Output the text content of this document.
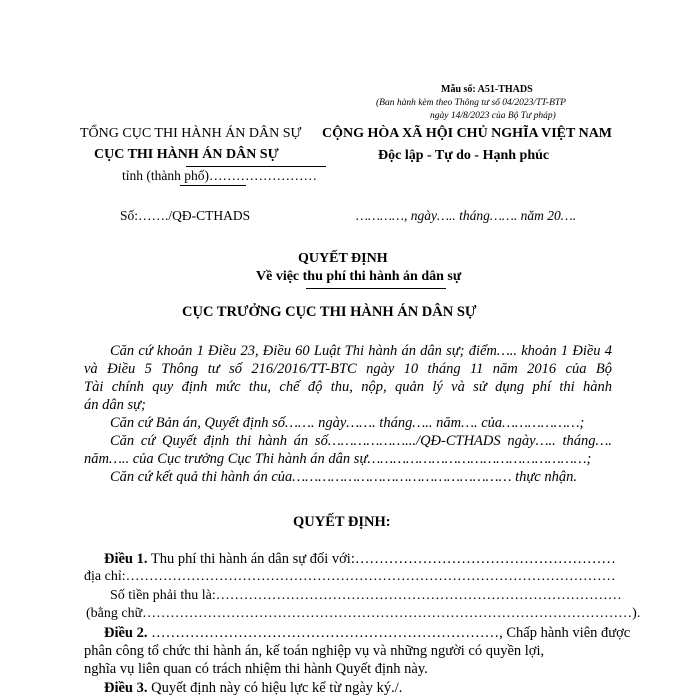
Mẫu số: A51-THADS
(Ban hành kèm theo Thông tư số 04/2023/TT-BTP
ngày 14/8/2023 của Bộ Tư pháp)
TỔNG CỤC THI HÀNH ÁN DÂN SỰ
CỤC THI HÀNH ÁN DÂN SỰ
tỉnh (thành phố)……………………
CỘNG HÒA XÃ HỘI CHỦ NGHĨA VIỆT NAM
Độc lập - Tự do - Hạnh phúc
Số:……./QĐ-CTHADS	…………, ngày….. tháng……. năm 20….
QUYẾT ĐỊNH
Về việc thu phí thi hành án dân sự
CỤC TRƯỞNG CỤC THI HÀNH ÁN DÂN SỰ
Căn cứ khoản 1 Điều 23, Điều 60 Luật Thi hành án dân sự; điểm….. khoản 1 Điều 4
và Điều 5 Thông tư số 216/2016/TT-BTC ngày 10 tháng 11 năm 2016 của Bộ
Tài chính quy định mức thu, chế độ thu, nộp, quản lý và sử dụng phí thi hành
án dân sự;
Căn cứ Bản án, Quyết định số……. ngày……. tháng….. năm…. của………………;
Căn cứ Quyết định thi hành án số……………….../QĐ-CTHADS ngày….. tháng….
năm….. của Cục trưởng Cục Thi hành án dân sự……………………………………………;
Căn cứ kết quả thi hành án của…………………………………………… thực nhận.
QUYẾT ĐỊNH:
Điều 1. Thu phí thi hành án dân sự đối với:………………………………………………
địa chỉ:……………………………………………………………………………………………
Số tiền phải thu là:……………………………………………………………………………
(bằng chữ……………………………………………………………………………………………).
Điều 2. ………………………………………………………………, Chấp hành viên được
phân công tổ chức thi hành án, kế toán nghiệp vụ và những người có quyền lợi,
nghĩa vụ liên quan có trách nhiệm thi hành Quyết định này.
Điều 3. Quyết định này có hiệu lực kể từ ngày ký./.
